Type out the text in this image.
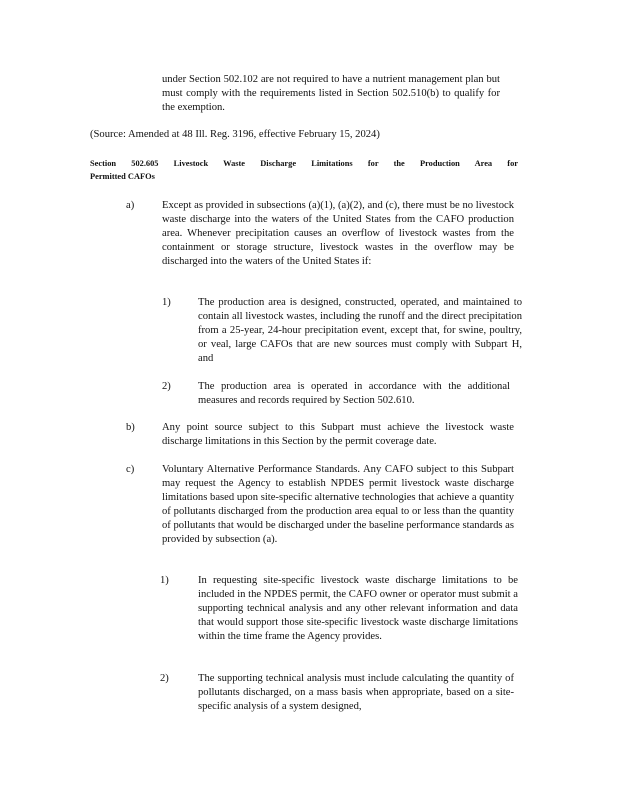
under Section 502.102 are not required to have a nutrient management plan but must comply with the requirements listed in Section 502.510(b) to qualify for the exemption.

(Source: Amended at 48 Ill. Reg. 3196, effective February 15, 2024)
Section 502.605 Livestock Waste Discharge Limitations for the Production Area for
Permitted CAFOs
a)	Except as provided in subsections (a)(1), (a)(2), and (c), there must be no livestock waste discharge into the waters of the United States from the CAFO production area. Whenever precipitation causes an overflow of livestock wastes from the containment or storage structure, livestock wastes in the overflow may be discharged into the waters of the United States if:

1)	The production area is designed, constructed, operated, and maintained to contain all livestock wastes, including the runoff and the direct precipitation from a 25-year, 24-hour precipitation event, except that, for swine, poultry, or veal, large CAFOs that are new sources must comply with Subpart H, and

2)	The production area is operated in accordance with the additional measures and records required by Section 502.610.

b)	Any point source subject to this Subpart must achieve the livestock waste discharge limitations in this Section by the permit coverage date.

c)	Voluntary Alternative Performance Standards. Any CAFO subject to this Subpart may request the Agency to establish NPDES permit livestock waste discharge limitations based upon site-specific alternative technologies that achieve a quantity of pollutants discharged from the production area equal to or less than the quantity of pollutants that would be discharged under the baseline performance standards as provided by subsection (a).

1)	In requesting site-specific livestock waste discharge limitations to be included in the NPDES permit, the CAFO owner or operator must submit a supporting technical analysis and any other relevant information and data that would support those site-specific livestock waste discharge limitations within the time frame the Agency provides.

2)	The supporting technical analysis must include calculating the quantity of pollutants discharged, on a mass basis when appropriate, based on a site-specific analysis of a system designed,
